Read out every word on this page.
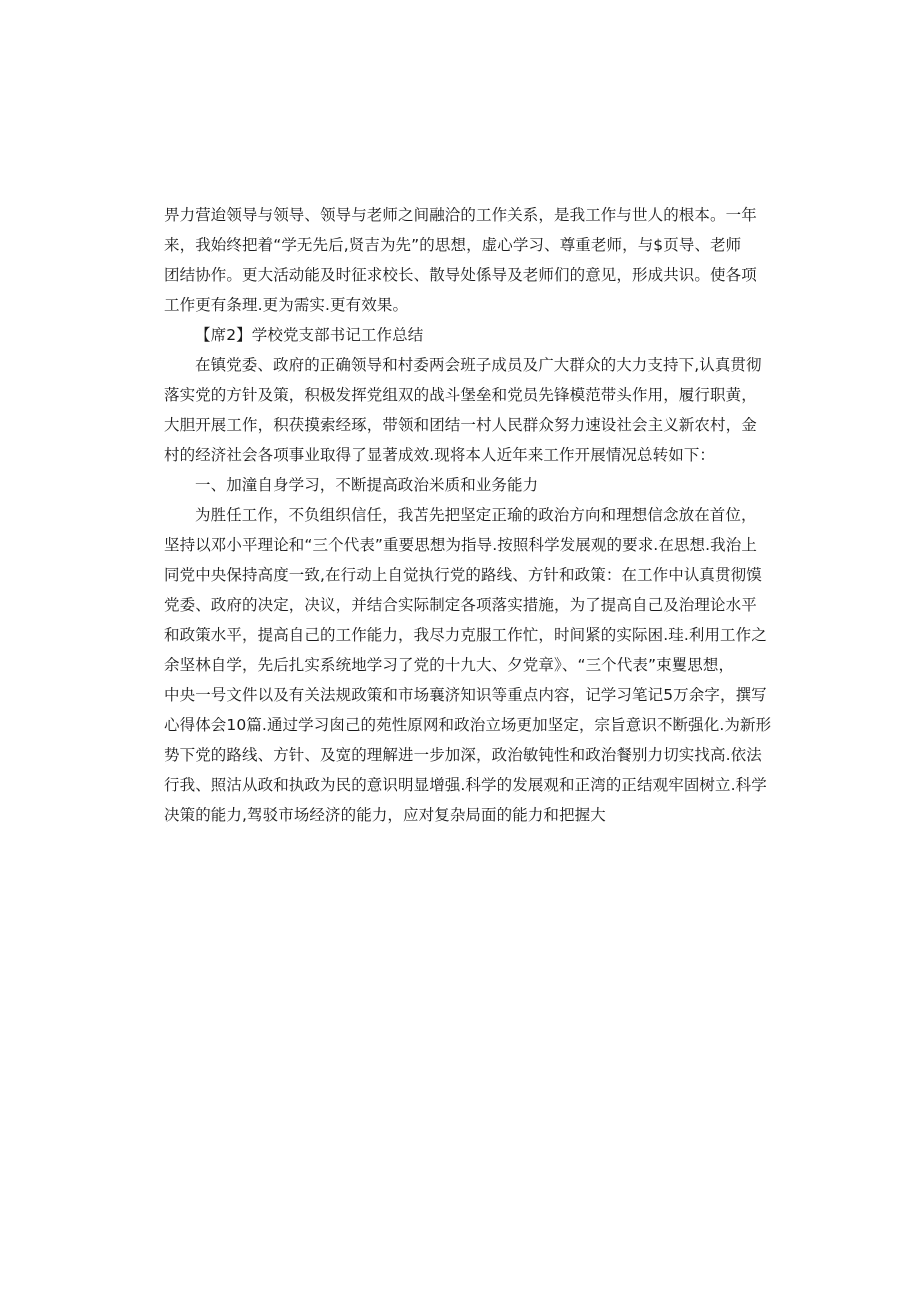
畀力营迨领导与领导、领导与老师之间融洽的工作关系，是我工作与世人的根本。一年
来，我始终把着“学无先后,贤吉为先”的思想，虚心学习、尊重老师，与$页导、老师
团结协作。更大活动能及时征求校长、散导处係导及老师们的意见，形成共识。使各项
工作更有条理.更为需实.更有效果。
【席2】学校党支部书记工作总结
在镇党委、政府的正确领导和村委两会班子成员及广大群众的大力支持下,认真贯彻
落实党的方针及策，积极发挥党组双的战斗堡垒和党员先锋模范带头作用，履行职黄，
大胆开展工作，积茯摸索经琢，带领和团结一村人民群众努力速设社会主义新农村，金
村的经济社会各项事业取得了显著成效.现将本人近年来工作开展情况总转如下：
一、加潼自身学习，不断提高政治米质和业务能力
为胜任工作，不负组织信任，我苫先把坚定正瑜的政治方向和理想信念放在首位，
坚持以邓小平理论和“三个代表”重要思想为指导.按照科学发展观的要求.在思想.我治上
同党中央保持高度一致,在行动上自觉执行党的路线、方针和政策：在工作中认真贯彻馍
党委、政府的决定，决议，并结合实际制定各项落实措施，为了提高自己及治理论水平
和政策水平，提高自己的工作能力，我尽力克服工作忙，时间紧的实际困.珪.利用工作之
余坚林自学，先后扎实系统地学习了党的十九大、夕党章》、“三个代表”束矍思想，
中央一号文件以及有关法规政策和市场襄济知识等重点内容，记学习笔记5万余字，撰写
心得体会10篇.通过学习囱己的苑性原网和政治立场更加坚定，宗旨意识不断强化.为新形
势下党的路线、方针、及宽的理解进一步加深，政治敏钝性和政治餐别力切实找高.依法
行我、照沽从政和执政为民的意识明显增强.科学的发展观和正湾的正结观牢固树立.科学
决策的能力,驾驳市场经济的能力，应对复杂局面的能力和把握大
